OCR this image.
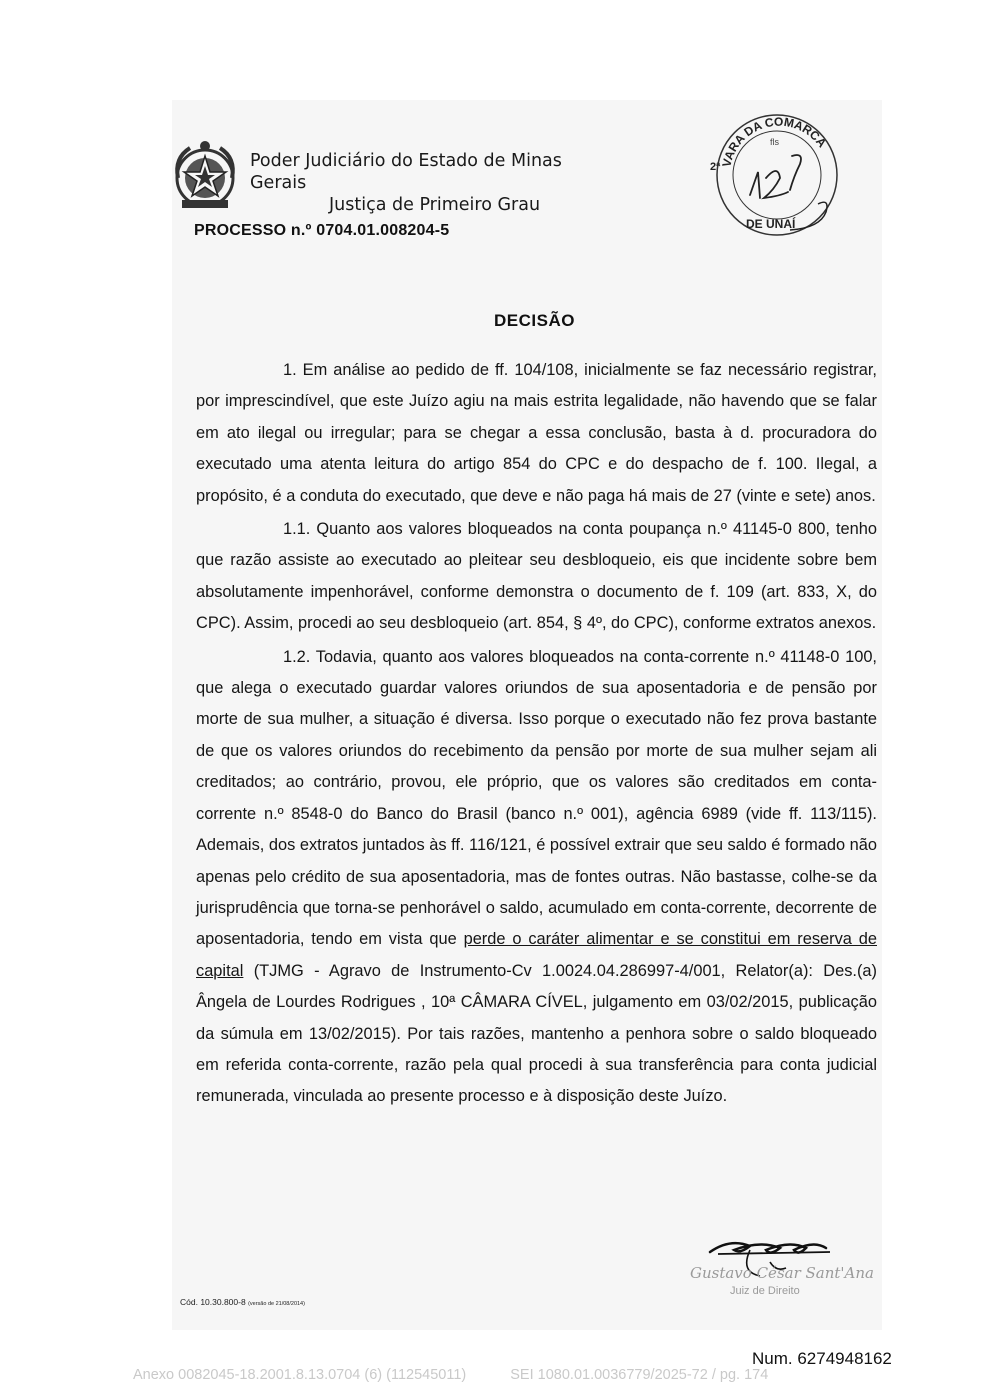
Poder Judiciário do Estado de Minas Gerais
Justiça de Primeiro Grau
PROCESSO n.º 0704.01.008204-5
VARA DA COMARCA
2ª
DE UNAÍ
fls
DECISÃO

1. Em análise ao pedido de ff. 104/108, inicialmente se faz necessário registrar, por imprescindível, que este Juízo agiu na mais estrita legalidade, não havendo que se falar em ato ilegal ou irregular; para se chegar a essa conclusão, basta à d. procuradora do executado uma atenta leitura do artigo 854 do CPC e do despacho de f. 100. Ilegal, a propósito, é a conduta do executado, que deve e não paga há mais de 27 (vinte e sete) anos.

1.1. Quanto aos valores bloqueados na conta poupança n.º 41145-0 800, tenho que razão assiste ao executado ao pleitear seu desbloqueio, eis que incidente sobre bem absolutamente impenhorável, conforme demonstra o documento de f. 109 (art. 833, X, do CPC). Assim, procedi ao seu desbloqueio (art. 854, § 4º, do CPC), conforme extratos anexos.

1.2. Todavia, quanto aos valores bloqueados na conta-corrente n.º 41148-0 100, que alega o executado guardar valores oriundos de sua aposentadoria e de pensão por morte de sua mulher, a situação é diversa. Isso porque o executado não fez prova bastante de que os valores oriundos do recebimento da pensão por morte de sua mulher sejam ali creditados; ao contrário, provou, ele próprio, que os valores são creditados em conta-corrente n.º 8548-0 do Banco do Brasil (banco n.º 001), agência 6989 (vide ff. 113/115). Ademais, dos extratos juntados às ff. 116/121, é possível extrair que seu saldo é formado não apenas pelo crédito de sua aposentadoria, mas de fontes outras. Não bastasse, colhe-se da jurisprudência que torna-se penhorável o saldo, acumulado em conta-corrente, decorrente de aposentadoria, tendo em vista que perde o caráter alimentar e se constitui em reserva de capital (TJMG - Agravo de Instrumento-Cv 1.0024.04.286997-4/001, Relator(a): Des.(a) Ângela de Lourdes Rodrigues , 10ª CÂMARA CÍVEL, julgamento em 03/02/2015, publicação da súmula em 13/02/2015). Por tais razões, mantenho a penhora sobre o saldo bloqueado em referida conta-corrente, razão pela qual procedi à sua transferência para conta judicial remunerada, vinculada ao presente processo e à disposição deste Juízo.

Gustavo César Sant'Ana
Juiz de Direito
Cód. 10.30.800-8 (versão de 21/08/2014)
Num. 6274948162
Anexo 0082045-18.2001.8.13.0704 (6) (112545011)	SEI 1080.01.0036779/2025-72 / pg. 174
